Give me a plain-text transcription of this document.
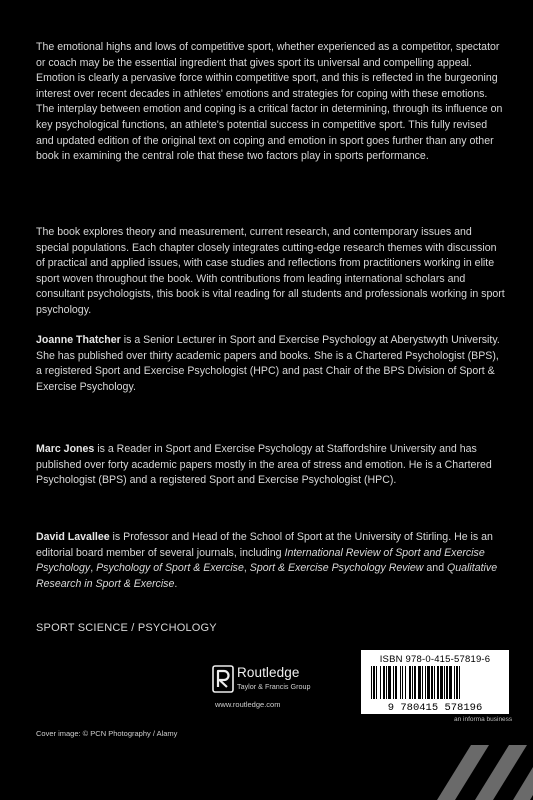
The emotional highs and lows of competitive sport, whether experienced as a competitor, spectator or coach may be the essential ingredient that gives sport its universal and compelling appeal. Emotion is clearly a pervasive force within competitive sport, and this is reflected in the burgeoning interest over recent decades in athletes' emotions and strategies for coping with these emotions. The interplay between emotion and coping is a critical factor in determining, through its influence on key psychological functions, an athlete's potential success in competitive sport. This fully revised and updated edition of the original text on coping and emotion in sport goes further than any other book in examining the central role that these two factors play in sports performance.

The book explores theory and measurement, current research, and contemporary issues and special populations. Each chapter closely integrates cutting-edge research themes with discussion of practical and applied issues, with case studies and reflections from practitioners working in elite sport woven throughout the book. With contributions from leading international scholars and consultant psychologists, this book is vital reading for all students and professionals working in sport psychology.

Joanne Thatcher is a Senior Lecturer in Sport and Exercise Psychology at Aberystwyth University. She has published over thirty academic papers and books. She is a Chartered Psychologist (BPS), a registered Sport and Exercise Psychologist (HPC) and past Chair of the BPS Division of Sport & Exercise Psychology.

Marc Jones is a Reader in Sport and Exercise Psychology at Staffordshire University and has published over forty academic papers mostly in the area of stress and emotion. He is a Chartered Psychologist (BPS) and a registered Sport and Exercise Psychologist (HPC).

David Lavallee is Professor and Head of the School of Sport at the University of Stirling. He is an editorial board member of several journals, including International Review of Sport and Exercise Psychology, Psychology of Sport & Exercise, Sport & Exercise Psychology Review and Qualitative Research in Sport & Exercise.

SPORT SCIENCE / PSYCHOLOGY
Routledge
Taylor & Francis Group
www.routledge.com
ISBN 978-0-415-57819-6
9 780415 578196
an informa business
Cover image: © PCN Photography / Alamy
